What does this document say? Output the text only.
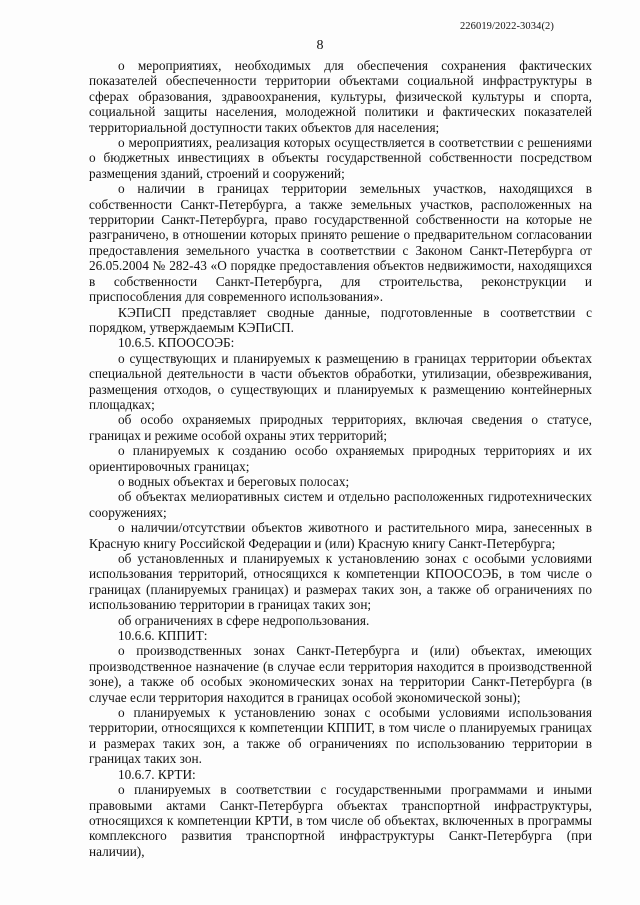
226019/2022-3034(2)
8

о мероприятиях, необходимых для обеспечения сохранения фактических показателей обеспеченности территории объектами социальной инфраструктуры в сферах образования, здравоохранения, культуры, физической культуры и спорта, социальной защиты населения, молодежной политики и фактических показателей территориальной доступности таких объектов для населения;

о мероприятиях, реализация которых осуществляется в соответствии с решениями о бюджетных инвестициях в объекты государственной собственности посредством размещения зданий, строений и сооружений;

о наличии в границах территории земельных участков, находящихся в собственности Санкт-Петербурга, а также земельных участков, расположенных на территории Санкт-Петербурга, право государственной собственности на которые не разграничено, в отношении которых принято решение о предварительном согласовании предоставления земельного участка в соответствии с Законом Санкт-Петербурга от 26.05.2004 № 282-43 «О порядке предоставления объектов недвижимости, находящихся в собственности Санкт-Петербурга, для строительства, реконструкции и приспособления для современного использования».

КЭПиСП представляет сводные данные, подготовленные в соответствии с порядком, утверждаемым КЭПиСП.

10.6.5. КПООСОЭБ:

о существующих и планируемых к размещению в границах территории объектах специальной деятельности в части объектов обработки, утилизации, обезвреживания, размещения отходов, о существующих и планируемых к размещению контейнерных площадках;

об особо охраняемых природных территориях, включая сведения о статусе, границах и режиме особой охраны этих территорий;

о планируемых к созданию особо охраняемых природных территориях и их ориентировочных границах;

о водных объектах и береговых полосах;

об объектах мелиоративных систем и отдельно расположенных гидротехнических сооружениях;

о наличии/отсутствии объектов животного и растительного мира, занесенных в Красную книгу Российской Федерации и (или) Красную книгу Санкт-Петербурга;

об установленных и планируемых к установлению зонах с особыми условиями использования территорий, относящихся к компетенции КПООСОЭБ, в том числе о границах (планируемых границах) и размерах таких зон, а также об ограничениях по использованию территории в границах таких зон;

об ограничениях в сфере недропользования.

10.6.6. КППИТ:

о производственных зонах Санкт-Петербурга и (или) объектах, имеющих производственное назначение (в случае если территория находится в производственной зоне), а также об особых экономических зонах на территории Санкт-Петербурга (в случае если территория находится в границах особой экономической зоны);

о планируемых к установлению зонах с особыми условиями использования территории, относящихся к компетенции КППИТ, в том числе о планируемых границах и размерах таких зон, а также об ограничениях по использованию территории в границах таких зон.

10.6.7. КРТИ:

о планируемых в соответствии с государственными программами и иными правовыми актами Санкт-Петербурга объектах транспортной инфраструктуры, относящихся к компетенции КРТИ, в том числе об объектах, включенных в программы комплексного развития транспортной инфраструктуры Санкт-Петербурга (при наличии),
